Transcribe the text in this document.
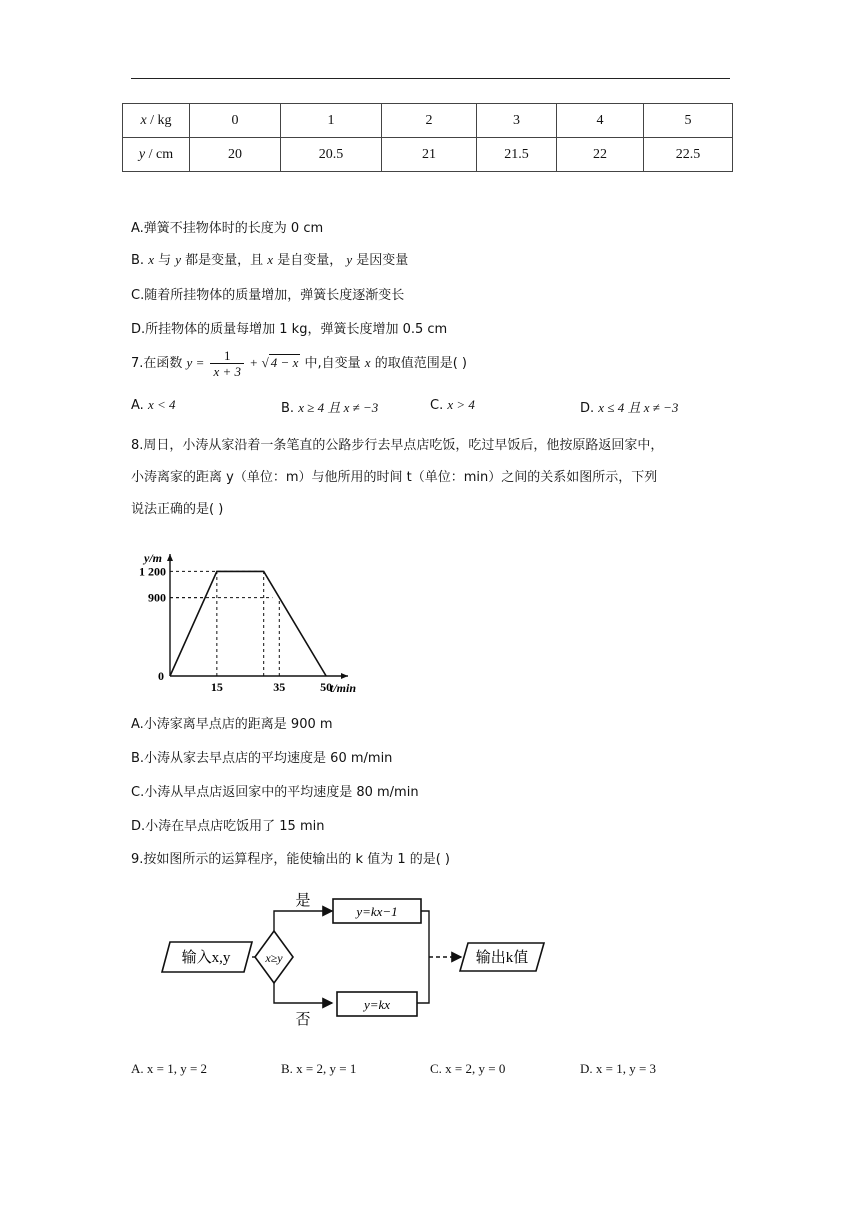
x / kg	0	1	2	3	4	5
y / cm	20	20.5	21	21.5	22	22.5
A.弹簧不挂物体时的长度为 0 cm
B. x 与 y 都是变量，且 x 是自变量， y 是因变量
C.随着所挂物体的质量增加，弹簧长度逐渐变长
D.所挂物体的质量每增加 1 kg，弹簧长度增加 0.5 cm
7.在函数 $y = \frac{1}{x + 3}$ + √ 4 − x 中,自变量 x 的取值范围是( )
A. x < 4	B. x ≥ 4 且 x ≠ −3	C. x > 4	D. x ≤ 4 且 x ≠ −3
8.周日，小涛从家沿着一条笔直的公路步行去早点店吃饭，吃过早饭后，他按原路返回家中，
小涛离家的距离 y（单位：m）与他所用的时间 t（单位：min）之间的关系如图所示，下列
说法正确的是( )
1 200
900
15	35	50
0
y/m
t/min
A.小涛家离早点店的距离是 900 m
B.小涛从家去早点店的平均速度是 60 m/min
C.小涛从早点店返回家中的平均速度是 80 m/min
D.小涛在早点店吃饭用了 15 min
9.按如图所示的运算程序，能使输出的 k 值为 1 的是( )
输入x,y	x≥y
是
否
y=kx−1
y=kx
输出k值
A. x = 1, y = 2	B. x = 2, y = 1	C. x = 2, y = 0	D. x = 1, y = 3
